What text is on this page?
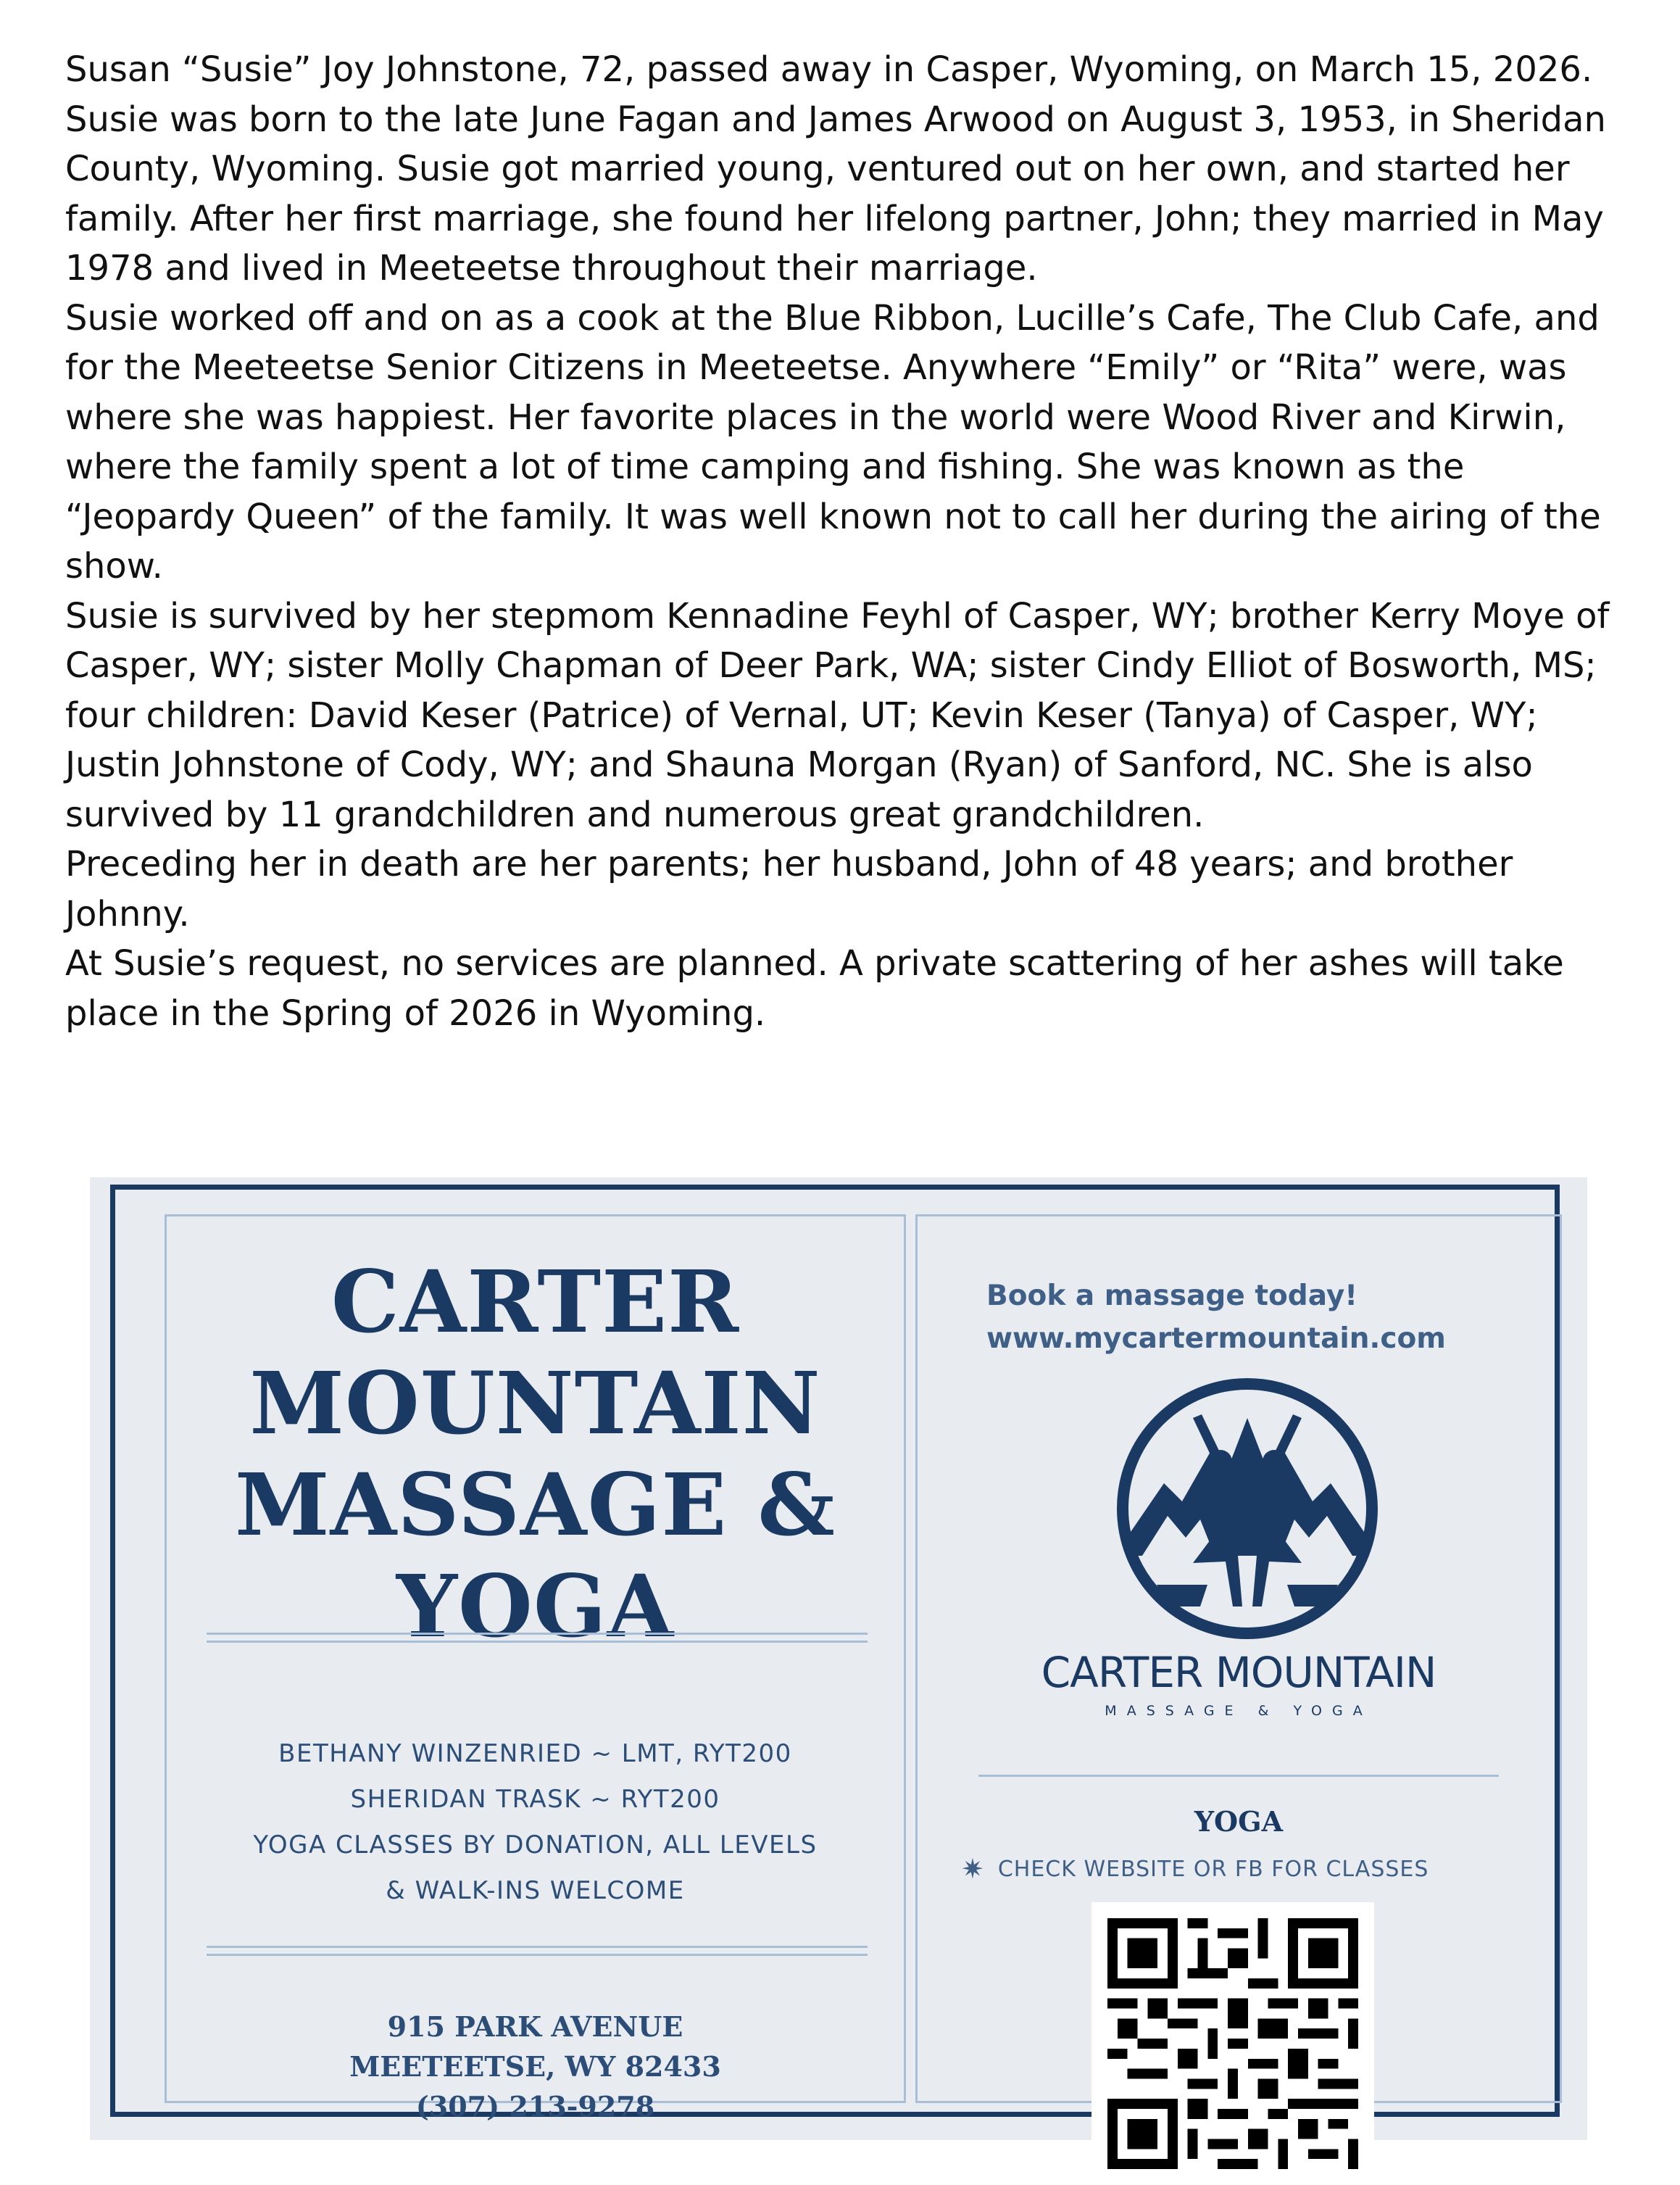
Susan “Susie” Joy Johnstone, 72, passed away in Casper, Wyoming, on March 15, 2026. Susie was born to the late June Fagan and James Arwood on August 3, 1953, in Sheridan County, Wyoming. Susie got married young, ventured out on her own, and started her family. After her first marriage, she found her lifelong partner, John; they married in May 1978 and lived in Meeteetse throughout their marriage.

Susie worked off and on as a cook at the Blue Ribbon, Lucille’s Cafe, The Club Cafe, and for the Meeteetse Senior Citizens in Meeteetse. Anywhere “Emily” or “Rita” were, was where she was happiest. Her favorite places in the world were Wood River and Kirwin, where the family spent a lot of time camping and fishing. She was known as the “Jeopardy Queen” of the family. It was well known not to call her during the airing of the show.

Susie is survived by her stepmom Kennadine Feyhl of Casper, WY; brother Kerry Moye of Casper, WY; sister Molly Chapman of Deer Park, WA; sister Cindy Elliot of Bosworth, MS; four children: David Keser (Patrice) of Vernal, UT; Kevin Keser (Tanya) of Casper, WY; Justin Johnstone of Cody, WY; and Shauna Morgan (Ryan) of Sanford, NC. She is also survived by 11 grandchildren and numerous great grandchildren.

Preceding her in death are her parents; her husband, John of 48 years; and brother Johnny.

At Susie’s request, no services are planned. A private scattering of her ashes will take place in the Spring of 2026 in Wyoming.

CARTER
MOUNTAIN
MASSAGE &
YOGA
BETHANY WINZENRIED ~ LMT, RYT200
SHERIDAN TRASK ~ RYT200
YOGA CLASSES BY DONATION, ALL LEVELS
& WALK-INS WELCOME
915 PARK AVENUE
MEETEETSE, WY 82433
(307) 213-9278
Book a massage today!
www.mycartermountain.com
CARTER MOUNTAIN
MASSAGE & YOGA
YOGA
✷ CHECK WEBSITE OR FB FOR CLASSES
